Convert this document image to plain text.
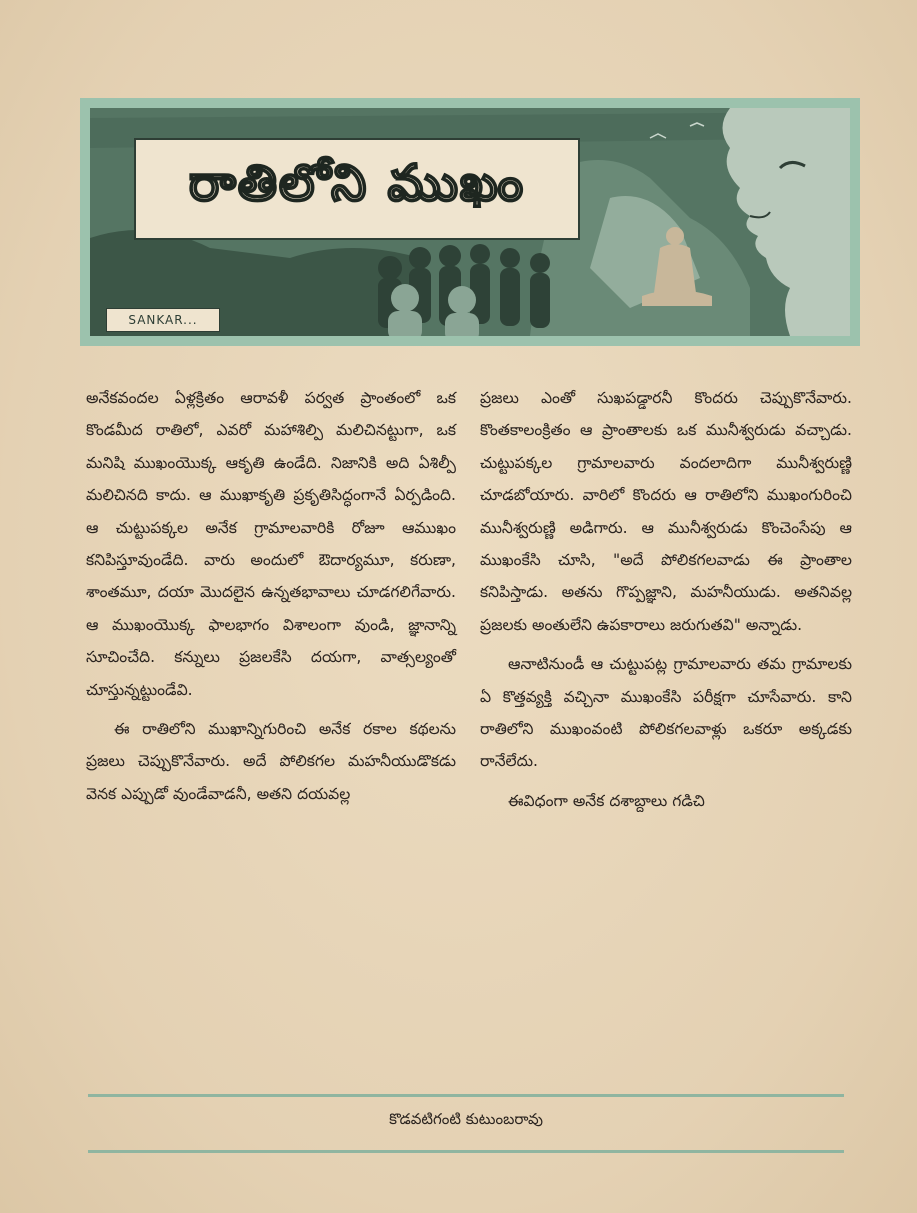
రాతిలోని ముఖం
SANKAR...

అనేకవందల ఏళ్లక్రితం ఆరావళీ పర్వత ప్రాంతంలో ఒక కొండమీద రాతిలో, ఎవరో మహాశిల్పి మలిచినట్టుగా, ఒక మనిషి ముఖంయొక్క ఆకృతి ఉండేది. నిజానికి అది ఏశిల్పీ మలిచినది కాదు. ఆ ముఖాకృతి ప్రకృతిసిద్ధంగానే ఏర్పడింది. ఆ చుట్టుపక్కల అనేక గ్రామాలవారికి రోజూ ఆముఖం కనిపిస్తూవుండేది. వారు అందులో ఔదార్యమూ, కరుణా, శాంతమూ, దయా మొదలైన ఉన్నతభావాలు చూడగలిగేవారు. ఆ ముఖంయొక్క ఫాలభాగం విశాలంగా వుండి, జ్ఞానాన్ని సూచించేది. కన్నులు ప్రజలకేసి దయగా, వాత్సల్యంతో చూస్తున్నట్టుండేవి.

ఈ రాతిలోని ముఖాన్నిగురించి అనేక రకాల కథలను ప్రజలు చెప్పుకొనేవారు. అదే పోలికగల మహనీయుడొకడు వెనక ఎప్పుడో వుండేవాడనీ, అతని దయవల్ల

ప్రజలు ఎంతో సుఖపడ్డారనీ కొందరు చెప్పుకొనేవారు. కొంతకాలంక్రితం ఆ ప్రాంతాలకు ఒక మునీశ్వరుడు వచ్చాడు. చుట్టుపక్కల గ్రామాలవారు వందలాదిగా మునీశ్వరుణ్ణి చూడబోయారు. వారిలో కొందరు ఆ రాతిలోని ముఖంగురించి మునీశ్వరుణ్ణి అడిగారు. ఆ మునీశ్వరుడు కొంచెంసేపు ఆ ముఖంకేసి చూసి, "అదే పోలికగలవాడు ఈ ప్రాంతాల కనిపిస్తాడు. అతను గొప్పజ్ఞాని, మహనీయుడు. అతనివల్ల ప్రజలకు అంతులేని ఉపకారాలు జరుగుతవి" అన్నాడు.

ఆనాటినుండీ ఆ చుట్టుపట్ల గ్రామాలవారు తమ గ్రామాలకు ఏ కొత్తవ్యక్తి వచ్చినా ముఖంకేసి పరీక్షగా చూసేవారు. కాని రాతిలోని ముఖంవంటి పోలికగలవాళ్లు ఒకరూ అక్కడకు రానేలేదు.

ఈవిధంగా అనేక దశాబ్దాలు గడిచి

కొడవటిగంటి కుటుంబరావు
